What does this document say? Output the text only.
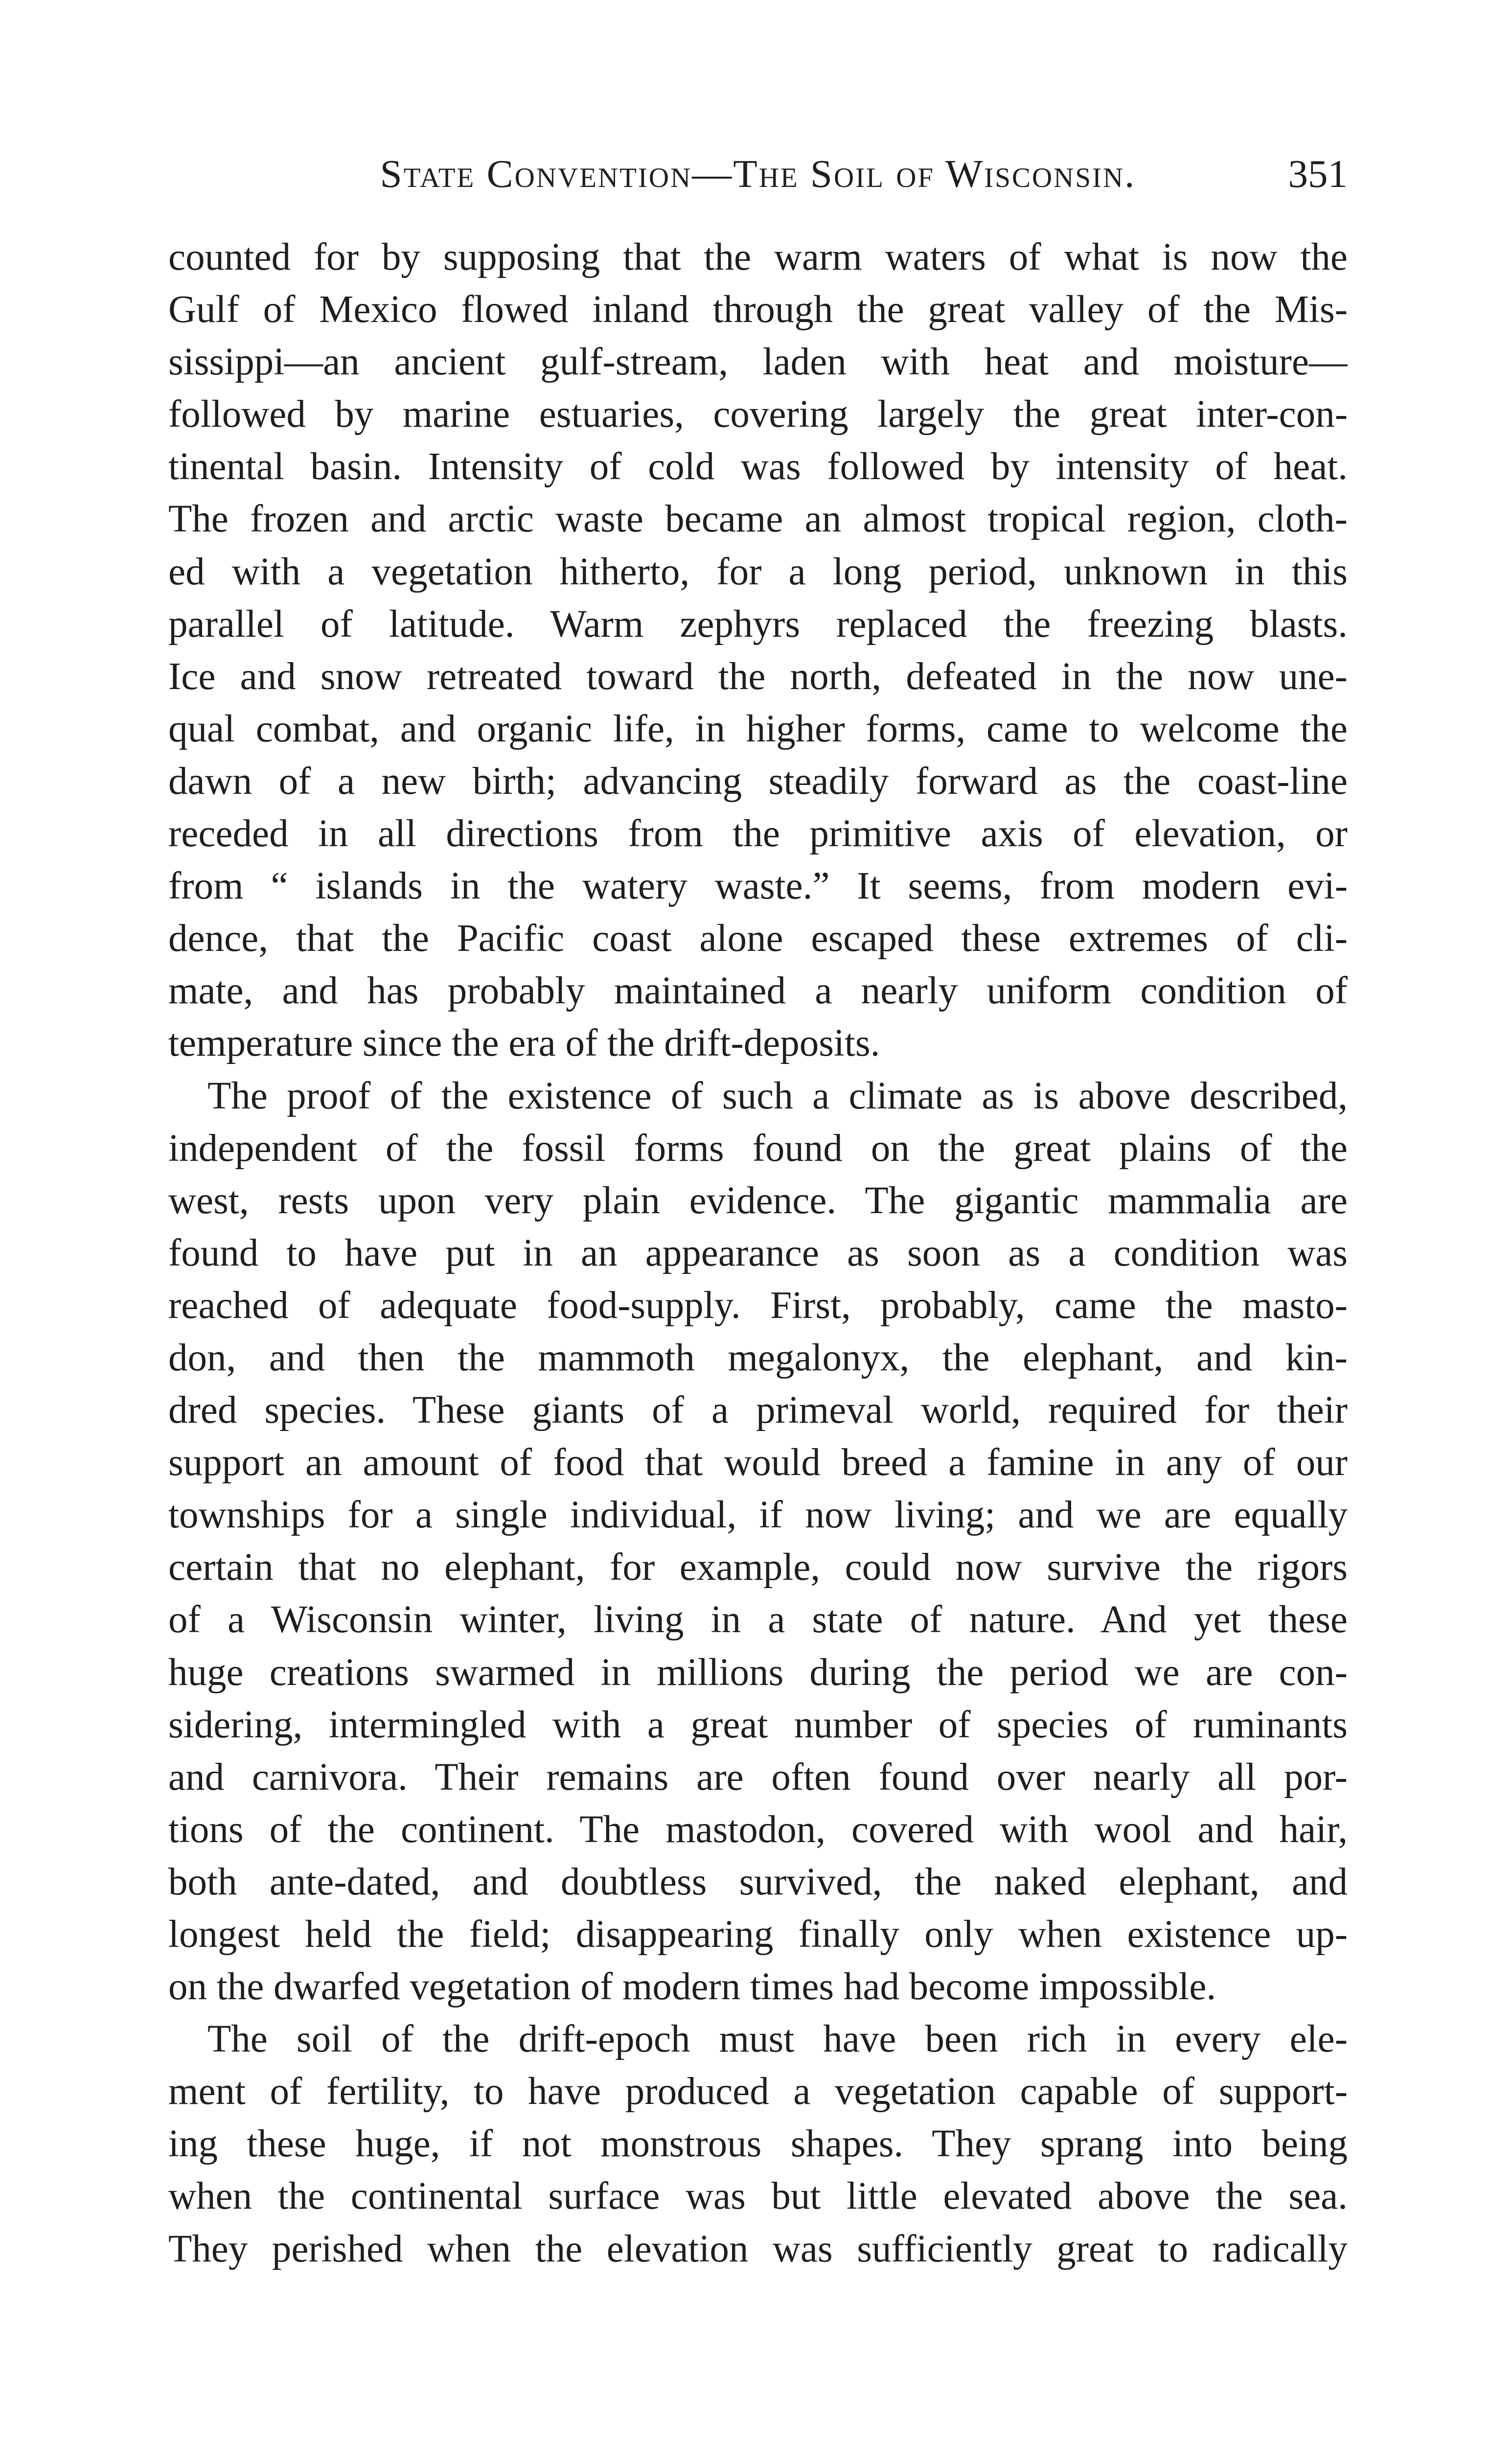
State Convention—The Soil of Wisconsin.	351
counted for by supposing that the warm waters of what is now the
Gulf of Mexico flowed inland through the great valley of the Mis-
sissippi—an ancient gulf-stream, laden with heat and moisture—
followed by marine estuaries, covering largely the great inter-con-
tinental basin. Intensity of cold was followed by intensity of heat.
The frozen and arctic waste became an almost tropical region, cloth-
ed with a vegetation hitherto, for a long period, unknown in this
parallel of latitude. Warm zephyrs replaced the freezing blasts.
Ice and snow retreated toward the north, defeated in the now une-
qual combat, and organic life, in higher forms, came to welcome the
dawn of a new birth; advancing steadily forward as the coast-line
receded in all directions from the primitive axis of elevation, or
from “ islands in the watery waste.” It seems, from modern evi-
dence, that the Pacific coast alone escaped these extremes of cli-
mate, and has probably maintained a nearly uniform condition of
temperature since the era of the drift-deposits.
The proof of the existence of such a climate as is above described,
independent of the fossil forms found on the great plains of the
west, rests upon very plain evidence. The gigantic mammalia are
found to have put in an appearance as soon as a condition was
reached of adequate food-supply. First, probably, came the masto-
don, and then the mammoth megalonyx, the elephant, and kin-
dred species. These giants of a primeval world, required for their
support an amount of food that would breed a famine in any of our
townships for a single individual, if now living; and we are equally
certain that no elephant, for example, could now survive the rigors
of a Wisconsin winter, living in a state of nature. And yet these
huge creations swarmed in millions during the period we are con-
sidering, intermingled with a great number of species of ruminants
and carnivora. Their remains are often found over nearly all por-
tions of the continent. The mastodon, covered with wool and hair,
both ante-dated, and doubtless survived, the naked elephant, and
longest held the field; disappearing finally only when existence up-
on the dwarfed vegetation of modern times had become impossible.
The soil of the drift-epoch must have been rich in every ele-
ment of fertility, to have produced a vegetation capable of support-
ing these huge, if not monstrous shapes. They sprang into being
when the continental surface was but little elevated above the sea.
They perished when the elevation was sufficiently great to radically
